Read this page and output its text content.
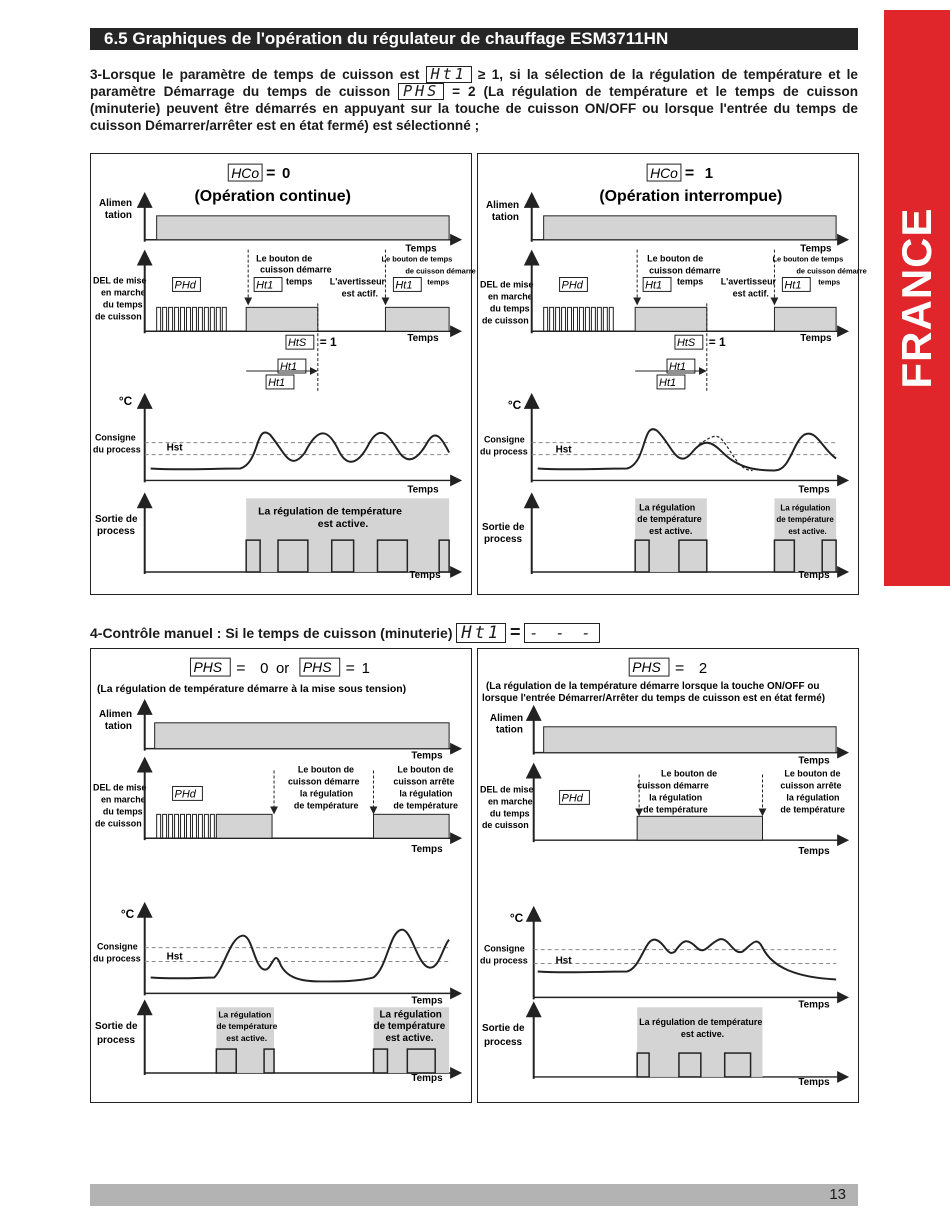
6.5 Graphiques de l'opération du régulateur de chauffage ESM3711HN
FRANCE
3-Lorsque le paramètre de temps de cuisson est Ht1 ≥ 1, si la sélection de la régulation de température et le paramètre Démarrage du temps de cuisson PHS = 2 (La régulation de température et le temps de cuisson (minuterie) peuvent être démarrés en appuyant sur la touche de cuisson ON/OFF ou lorsque l'entrée du temps de cuisson Démarrer/arrêter est en état fermé) est sélectionné ;
HCo = 0
(Opération continue)
Alimen
tation
Temps
DEL de mise
en marche
du temps
de cuisson
PHd
Le bouton de
cuisson démarre
temps L'avertisseur
est actif.
Le bouton de temps
de cuisson démarre
temps
Ht1	Ht1
HtS = 1	Temps
Ht1
Ht1
°C
Consigne
du process	Hst
Temps
Sortie de
process
La régulation de température
est active.
Temps
HCo = 1
(Opération interrompue)
Alimen
tation
Temps
DEL de mise
en marche
du temps
de cuisson
PHd
Le bouton de
cuisson démarre
temps L'avertisseur
est actif.
Le bouton de temps
de cuisson démarre
temps
Ht1	Ht1
HtS = 1	Temps
Ht1
Ht1
°C
Consigne
du process	Hst
Temps
Sortie de
process
La régulation
de température
est active.
La régulation
de température
est active.
Temps
4-Contrôle manuel : Si le temps de cuisson (minuterie) Ht1 = - - -
PHS = 0 or PHS = 1
(La régulation de température démarre à la mise sous tension)
Alimen
tation
Temps
DEL de mise
en marche
du temps
de cuisson
PHd
Le bouton de
cuisson démarre
la régulation
de température
Le bouton de
cuisson arrête
la régulation
de température
Temps
°C
Consigne
du process	Hst
Temps
Sortie de
process
La régulation
de température
est active.
La régulation
de température
est active.
Temps
PHS = 2
(La régulation de la température démarre lorsque la touche ON/OFF ou
lorsque l'entrée Démarrer/Arrêter du temps de cuisson est en état fermé)
Alimen
tation
Temps
DEL de mise
en marche
du temps
de cuisson
PHd
Le bouton de
cuisson démarre
la régulation
de température
Le bouton de
cuisson arrête
la régulation
de température
Temps
°C
Consigne
du process	Hst
Temps
Sortie de
process
La régulation de température
est active.
Temps
13
